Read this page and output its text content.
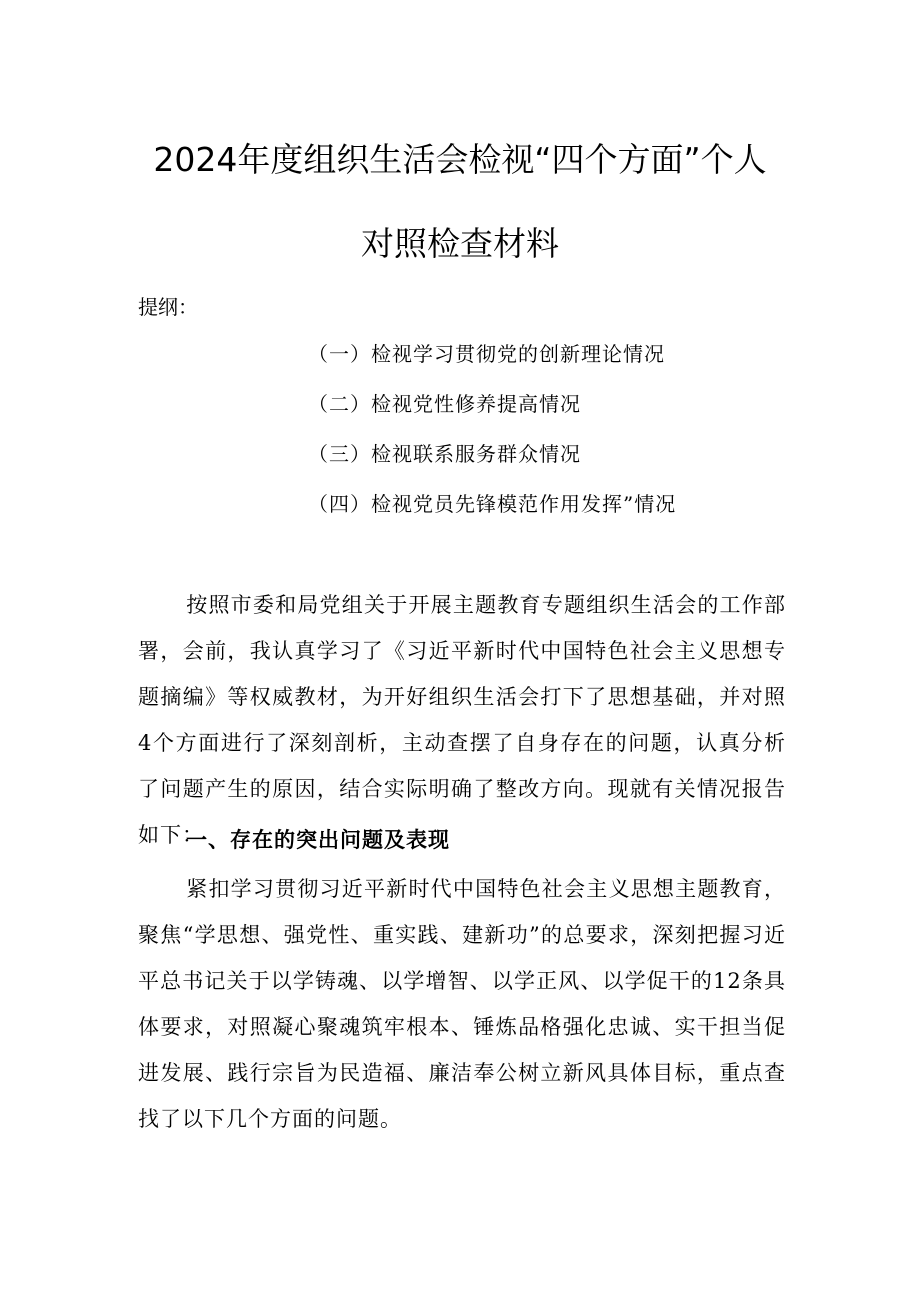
2024年度组织生活会检视“四个方面”个人
对照检查材料
提纲：
（一）检视学习贯彻党的创新理论情况
（二）检视党性修养提高情况
（三）检视联系服务群众情况
（四）检视党员先锋模范作用发挥”情况

按照市委和局党组关于开展主题教育专题组织生活会的工作部署，会前，我认真学习了《习近平新时代中国特色社会主义思想专题摘编》等权威教材，为开好组织生活会打下了思想基础，并对照4个方面进行了深刻剖析，主动查摆了自身存在的问题，认真分析了问题产生的原因，结合实际明确了整改方向。现就有关情况报告如下：

一、存在的突出问题及表现

紧扣学习贯彻习近平新时代中国特色社会主义思想主题教育，聚焦“学思想、强党性、重实践、建新功”的总要求，深刻把握习近平总书记关于以学铸魂、以学增智、以学正风、以学促干的12条具体要求，对照凝心聚魂筑牢根本、锤炼品格强化忠诚、实干担当促进发展、践行宗旨为民造福、廉洁奉公树立新风具体目标，重点查找了以下几个方面的问题。
